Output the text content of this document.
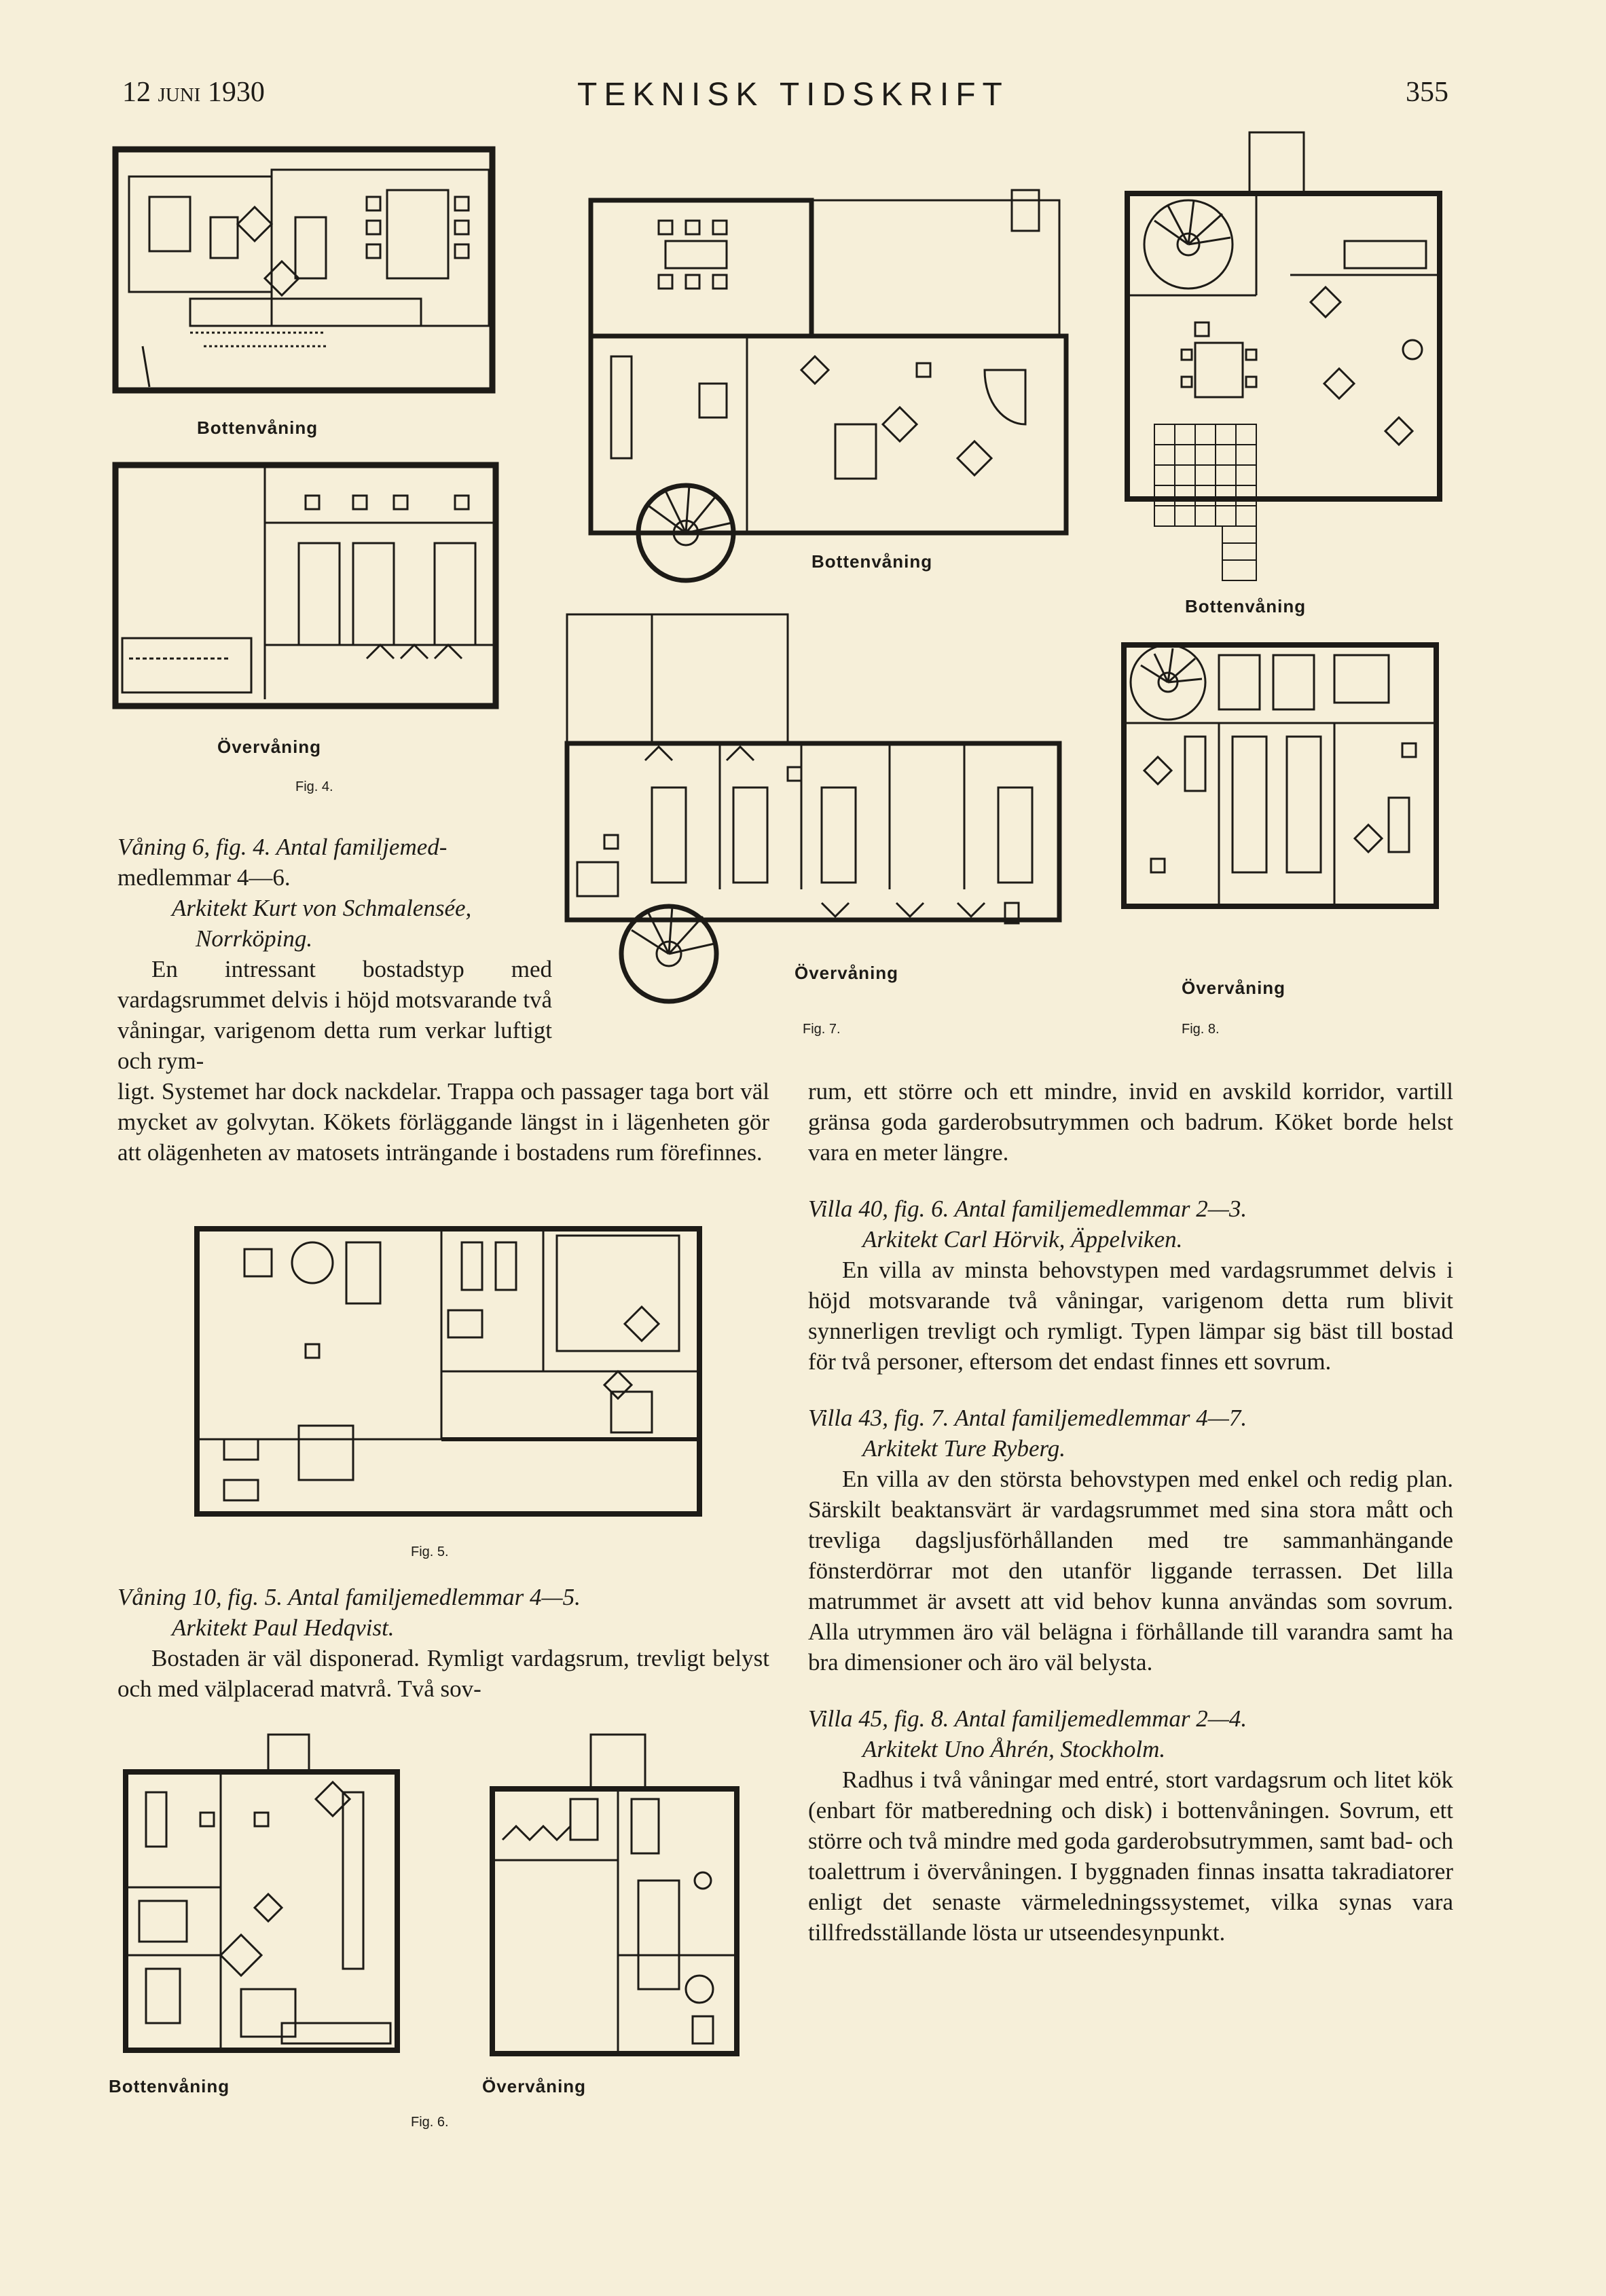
12 juni 1930	TEKNISK TIDSKRIFT	355
Bottenvåning
Övervåning
Fig. 4.
Bottenvåning
Övervåning
Fig. 7.
Bottenvåning
Övervåning
Fig. 8.

Våning 6, fig. 4. Antal familjemed-

medlemmar 4—6.

Arkitekt Kurt von Schmalensée,

Norrköping.

En intressant bostadstyp med vardagsrummet delvis i höjd motsvarande två våningar, varigenom detta rum verkar luftigt och rym-

ligt. Systemet har dock nackdelar. Trappa och passager taga bort väl mycket av golvytan. Kökets förläggande längst in i lägenheten gör att olägenheten av matosets inträngande i bostadens rum förefinnes.

Fig. 5.

Våning 10, fig. 5. Antal familjemedlemmar 4—5.

Arkitekt Paul Hedqvist.

Bostaden är väl disponerad. Rymligt vardagsrum, trevligt belyst och med välplacerad matvrå. Två sov-

Bottenvåning	Övervåning
Fig. 6.

rum, ett större och ett mindre, invid en avskild korridor, vartill gränsa goda garderobsutrymmen och badrum. Köket borde helst vara en meter längre.

Villa 40, fig. 6. Antal familjemedlemmar 2—3.

Arkitekt Carl Hörvik, Äppelviken.

En villa av minsta behovstypen med vardagsrummet delvis i höjd motsvarande två våningar, varigenom detta rum blivit synnerligen trevligt och rymligt. Typen lämpar sig bäst till bostad för två personer, eftersom det endast finnes ett sovrum.

Villa 43, fig. 7. Antal familjemedlemmar 4—7.

Arkitekt Ture Ryberg.

En villa av den största behovstypen med enkel och redig plan. Särskilt beaktansvärt är vardagsrummet med sina stora mått och trevliga dagsljusförhållanden med tre sammanhängande fönsterdörrar mot den utanför liggande terrassen. Det lilla matrummet är avsett att vid behov kunna användas som sovrum. Alla utrymmen äro väl belägna i förhållande till varandra samt ha bra dimensioner och äro väl belysta.

Villa 45, fig. 8. Antal familjemedlemmar 2—4.

Arkitekt Uno Åhrén, Stockholm.

Radhus i två våningar med entré, stort vardagsrum och litet kök (enbart för matberedning och disk) i bottenvåningen. Sovrum, ett större och två mindre med goda garderobsutrymmen, samt bad- och toalettrum i övervåningen. I byggnaden finnas insatta takradiatorer enligt det senaste värmeledningssystemet, vilka synas vara tillfredsställande lösta ur utseendesynpunkt.
